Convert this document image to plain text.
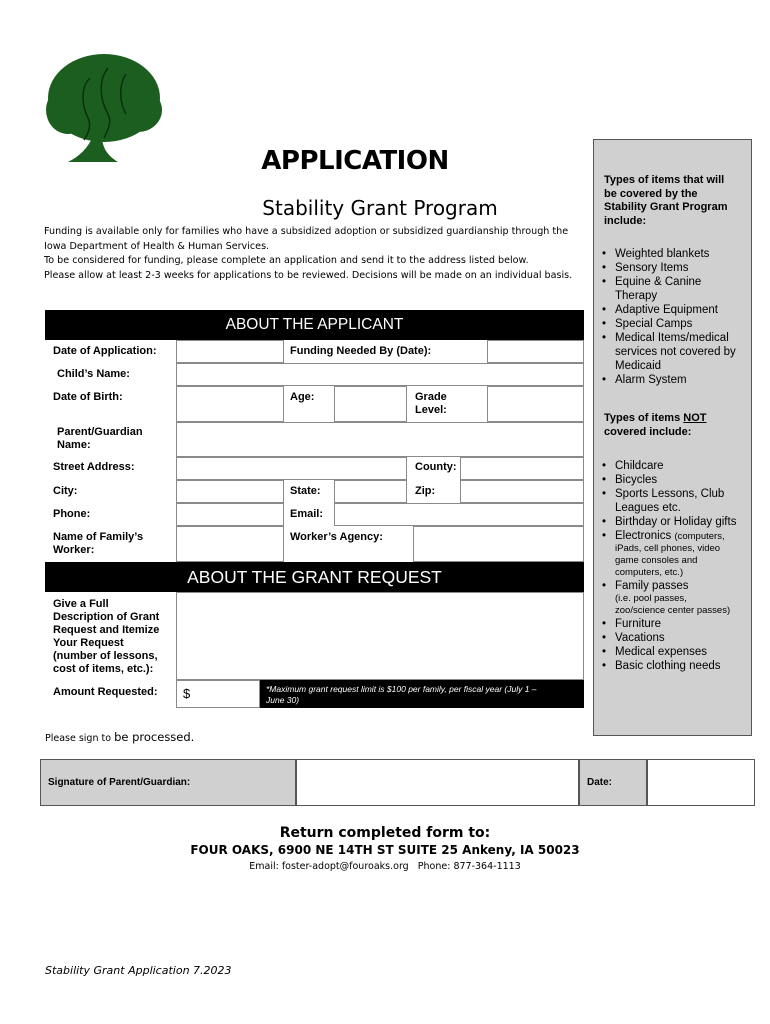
APPLICATION
Stability Grant Program
Funding is available only for families who have a subsidized adoption or subsidized guardianship through the
Iowa Department of Health & Human Services.
To be considered for funding, please complete an application and send it to the address listed below.
Please allow at least 2-3 weeks for applications to be reviewed. Decisions will be made on an individual basis.
ABOUT THE APPLICANT
Date of Application:	Funding Needed By (Date):
Child’s Name:
Date of Birth:	Age:	Grade
Level:
Parent/Guardian
Name:
Street Address:	County:
City:	State:	Zip:
Phone:	Email:
Name of Family’s
Worker:
Worker’s Agency:
ABOUT THE GRANT REQUEST
Give a Full
Description of Grant
Request and Itemize
Your Request
(number of lessons,
cost of items, etc.):
Amount Requested: $	*Maximum grant request limit is $100 per family, per fiscal year (July 1 –
June 30)
Please sign to be processed.
Signature of Parent/Guardian:	Date:
Return completed form to:
FOUR OAKS, 6900 NE 14TH ST SUITE 25 Ankeny, IA 50023
Email: foster-adopt@fouroaks.org Phone: 877-364-1113
Stability Grant Application 7.2023
Types of items that will
be covered by the
Stability Grant Program
include:
• Weighted blankets
• Sensory Items
• Equine & Canine
Therapy
• Adaptive Equipment
• Special Camps
• Medical Items/medical
services not covered by
Medicaid
• Alarm System
Types of items NOT
covered include:
• Childcare
• Bicycles
• Sports Lessons, Club
Leagues etc.
• Birthday or Holiday gifts
• Electronics (computers,
iPads, cell phones, video
game consoles and
computers, etc.)
• Family passes
(i.e. pool passes,
zoo/science center passes)
• Furniture
• Vacations
• Medical expenses
• Basic clothing needs
